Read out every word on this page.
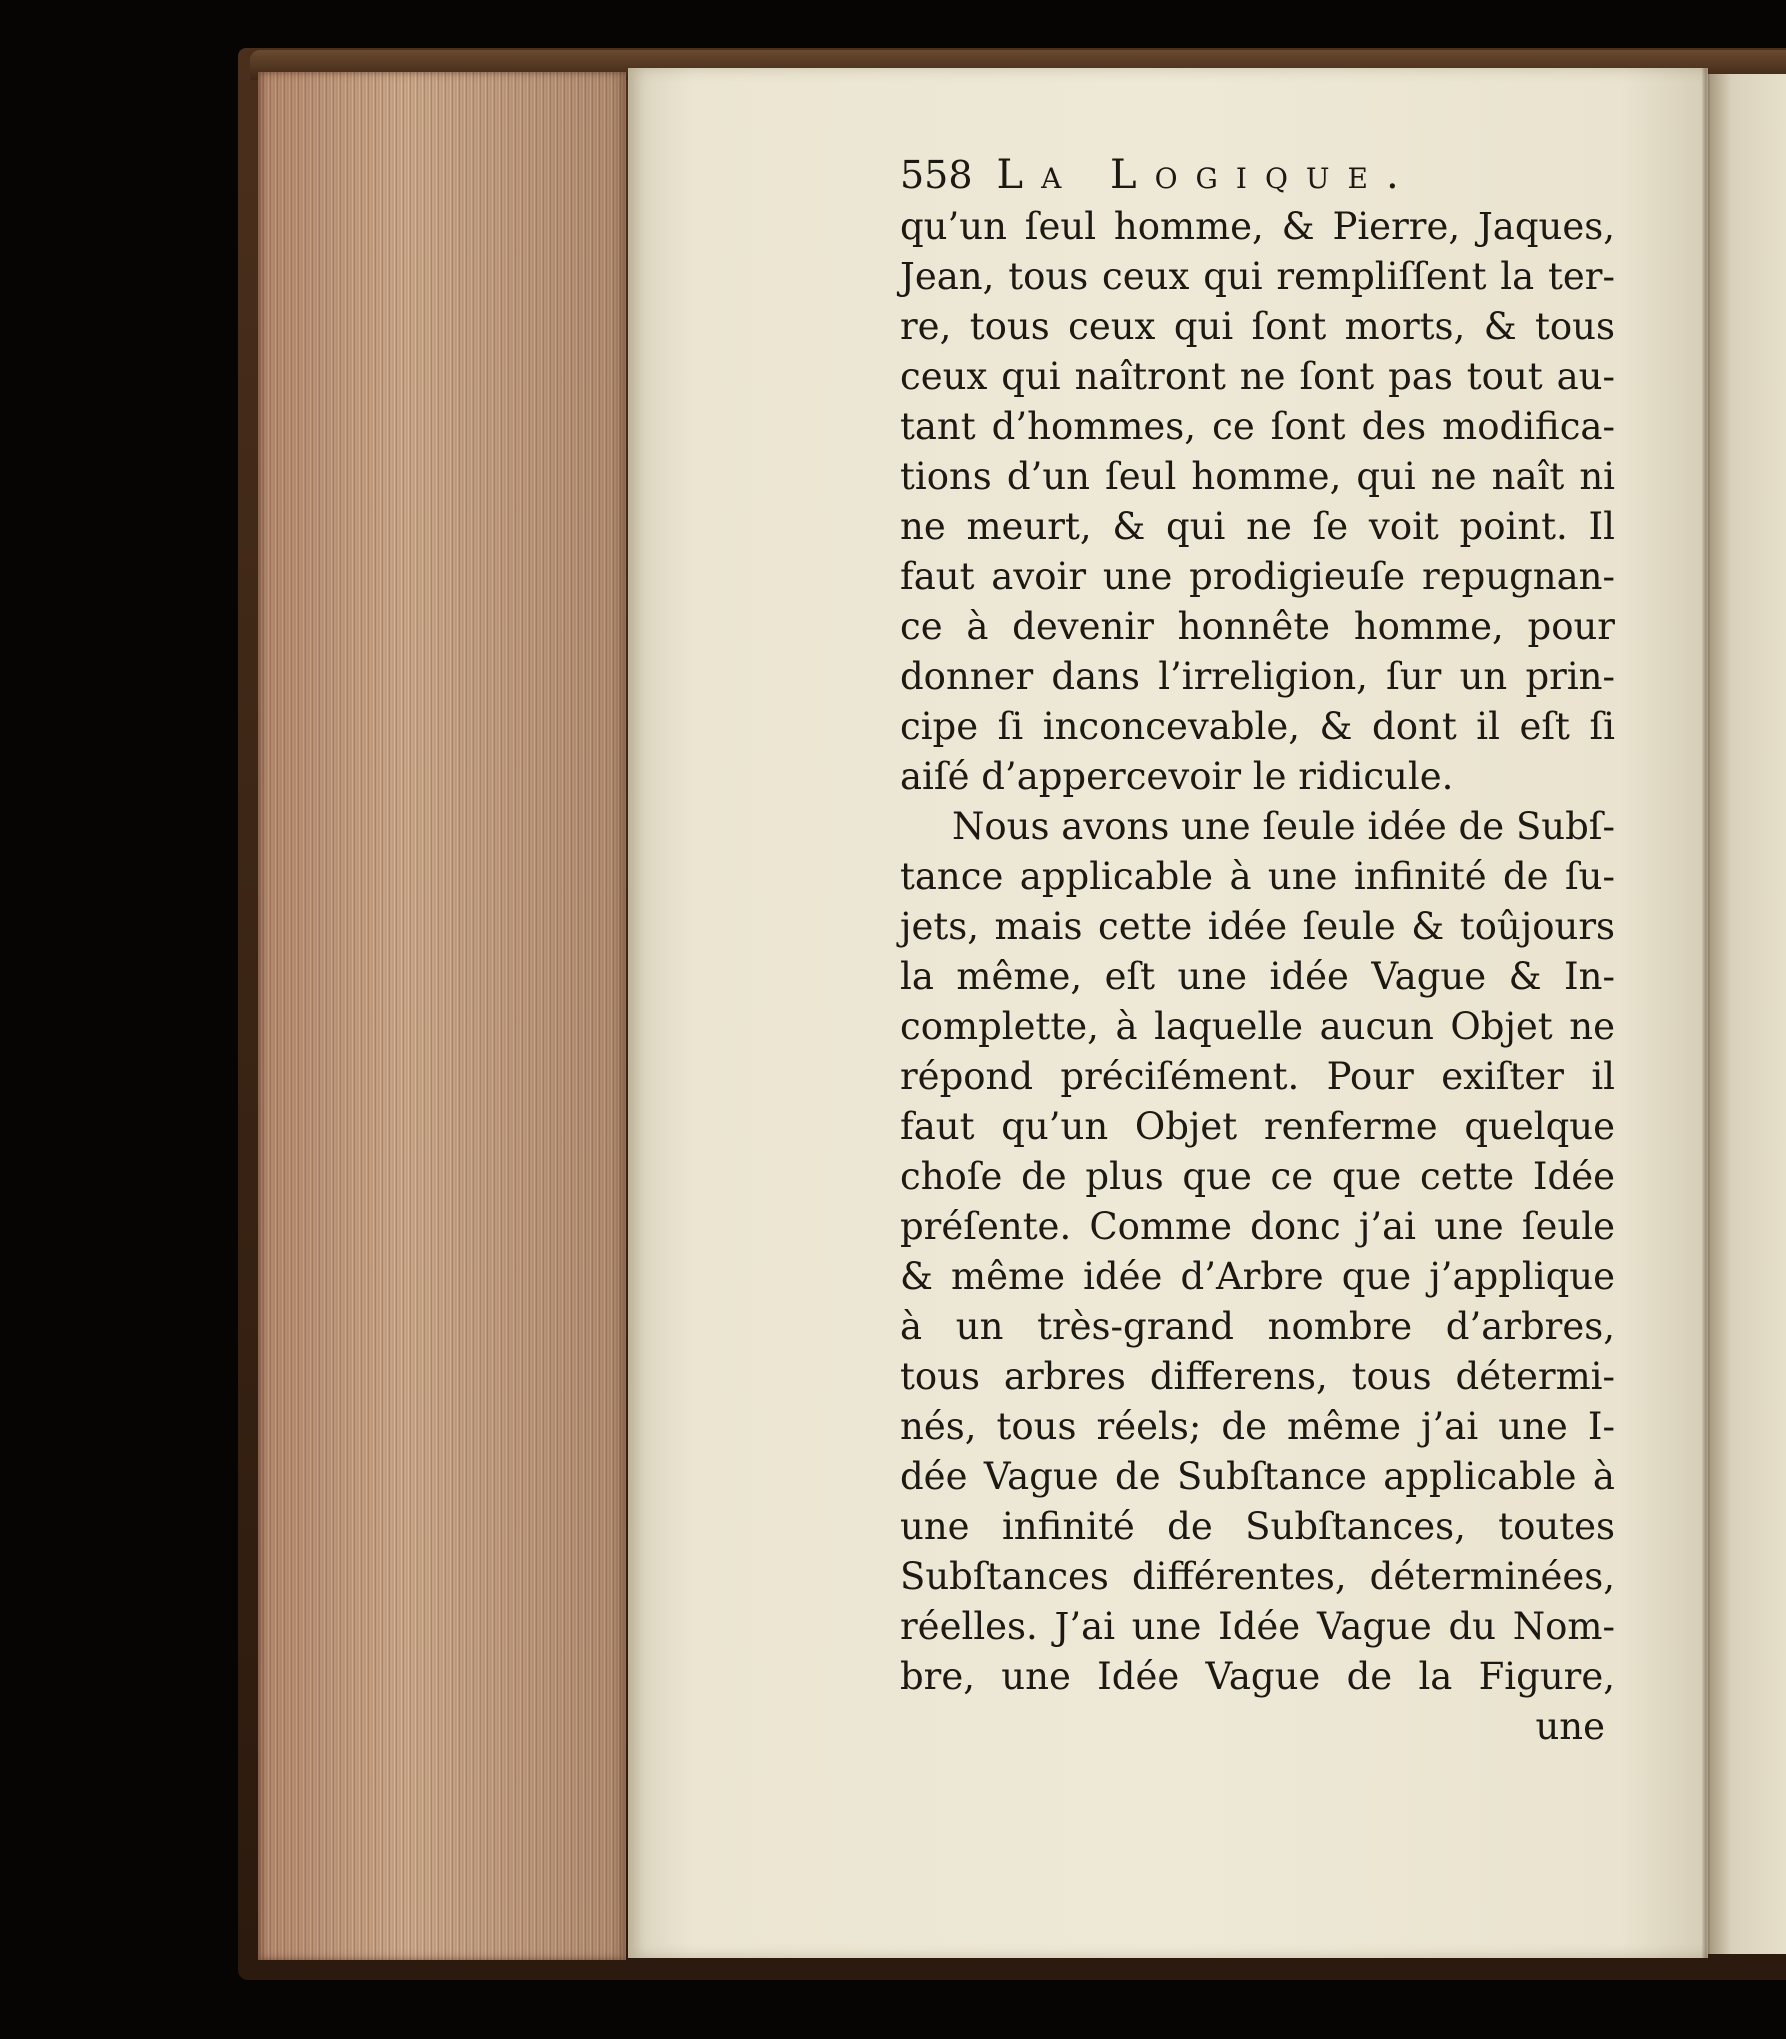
558 La Logique.
qu’un ſeul homme, & Pierre, Jaques,
Jean, tous ceux qui rempliſſent la ter-
re, tous ceux qui ſont morts, & tous
ceux qui naîtront ne ſont pas tout au-
tant d’hommes, ce ſont des modifica-
tions d’un ſeul homme, qui ne naît ni
ne meurt, & qui ne ſe voit point. Il
faut avoir une prodigieuſe repugnan-
ce à devenir honnête homme, pour
donner dans l’irreligion, ſur un prin-
cipe ſi inconcevable, & dont il eſt ſi
aiſé d’appercevoir le ridicule.
Nous avons une ſeule idée de Subſ-
tance applicable à une infinité de ſu-
jets, mais cette idée ſeule & toûjours
la même, eſt une idée Vague & In-
complette, à laquelle aucun Objet ne
répond préciſément. Pour exiſter il
faut qu’un Objet renferme quelque
choſe de plus que ce que cette Idée
préſente. Comme donc j’ai une ſeule
& même idée d’Arbre que j’applique
à un très-grand nombre d’arbres,
tous arbres differens, tous détermi-
nés, tous réels; de même j’ai une I-
dée Vague de Subſtance applicable à
une infinité de Subſtances, toutes
Subſtances différentes, déterminées,
réelles. J’ai une Idée Vague du Nom-
bre, une Idée Vague de la Figure,
une
